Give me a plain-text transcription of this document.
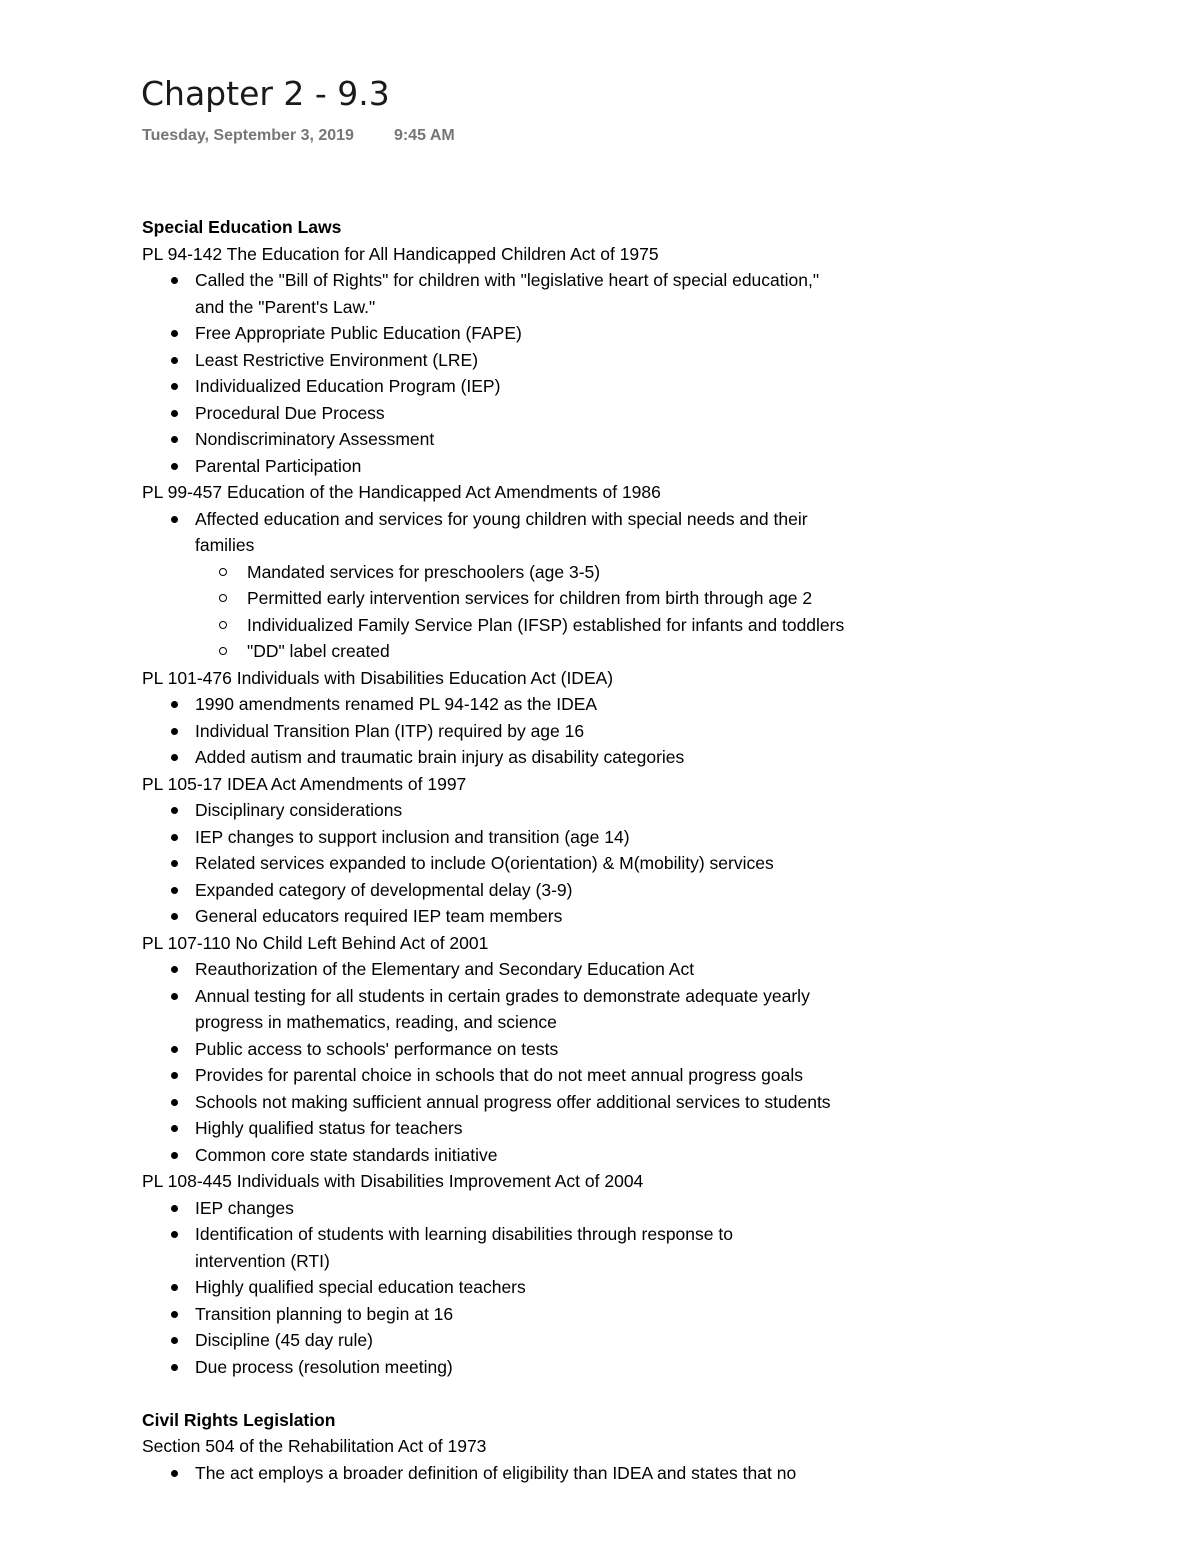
Chapter 2 - 9.3
Tuesday, September 3, 2019	9:45 AM
Special Education Laws
PL 94-142 The Education for All Handicapped Children Act of 1975
Called the "Bill of Rights" for children with "legislative heart of special education,"
and the "Parent's Law."
Free Appropriate Public Education (FAPE)
Least Restrictive Environment (LRE)
Individualized Education Program (IEP)
Procedural Due Process
Nondiscriminatory Assessment
Parental Participation
PL 99-457 Education of the Handicapped Act Amendments of 1986
Affected education and services for young children with special needs and their
families
Mandated services for preschoolers (age 3-5)
Permitted early intervention services for children from birth through age 2
Individualized Family Service Plan (IFSP) established for infants and toddlers
"DD" label created
PL 101-476 Individuals with Disabilities Education Act (IDEA)
1990 amendments renamed PL 94-142 as the IDEA
Individual Transition Plan (ITP) required by age 16
Added autism and traumatic brain injury as disability categories
PL 105-17 IDEA Act Amendments of 1997
Disciplinary considerations
IEP changes to support inclusion and transition (age 14)
Related services expanded to include O(orientation) & M(mobility) services
Expanded category of developmental delay (3-9)
General educators required IEP team members
PL 107-110 No Child Left Behind Act of 2001
Reauthorization of the Elementary and Secondary Education Act
Annual testing for all students in certain grades to demonstrate adequate yearly
progress in mathematics, reading, and science
Public access to schools' performance on tests
Provides for parental choice in schools that do not meet annual progress goals
Schools not making sufficient annual progress offer additional services to students
Highly qualified status for teachers
Common core state standards initiative
PL 108-445 Individuals with Disabilities Improvement Act of 2004
IEP changes
Identification of students with learning disabilities through response to
intervention (RTI)
Highly qualified special education teachers
Transition planning to begin at 16
Discipline (45 day rule)
Due process (resolution meeting)
Civil Rights Legislation
Section 504 of the Rehabilitation Act of 1973
The act employs a broader definition of eligibility than IDEA and states that no
